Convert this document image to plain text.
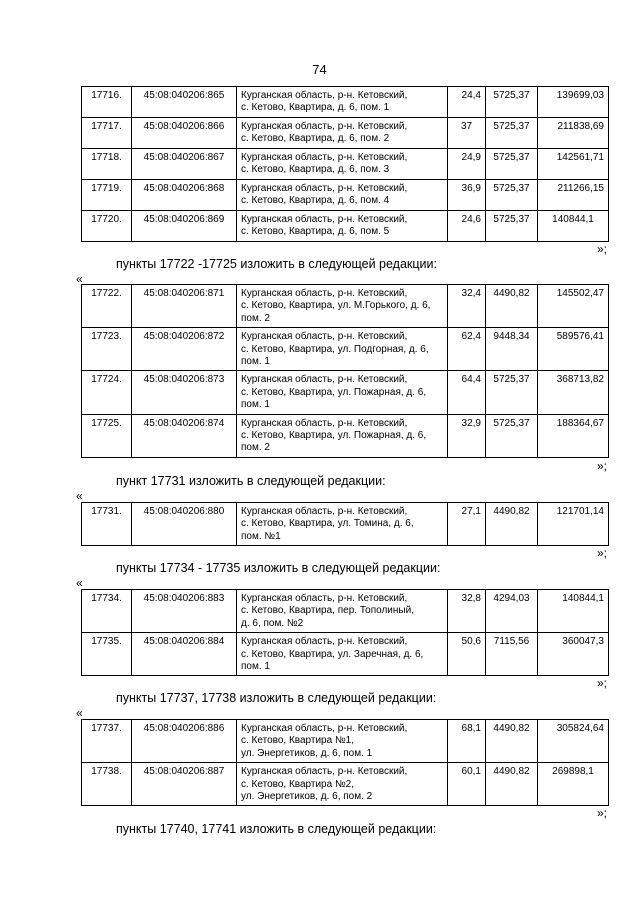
74
17716.	45:08:040206:865	Курганская область, р-н. Кетовский,
с. Кетово, Квартира, д. 6, пом. 1	24,4	5725,37	139699,03
17717.	45:08:040206:866	Курганская область, р-н. Кетовский,
с. Кетово, Квартира, д. 6, пом. 2	37	5725,37	211838,69
17718.	45:08:040206:867	Курганская область, р-н. Кетовский,
с. Кетово, Квартира, д. 6, пом. 3	24,9	5725,37	142561,71
17719.	45:08:040206:868	Курганская область, р-н. Кетовский,
с. Кетово, Квартира, д. 6, пом. 4	36,9	5725,37	211266,15
17720.	45:08:040206:869	Курганская область, р-н. Кетовский,
с. Кетово, Квартира, д. 6, пом. 5	24,6	5725,37	140844,1
»;
пункты 17722 -17725 изложить в следующей редакции:
«
17722.	45:08:040206:871	Курганская область, р-н. Кетовский,
с. Кетово, Квартира, ул. М.Горького, д. 6,
пом. 2	32,4	4490,82	145502,47
17723.	45:08:040206:872	Курганская область, р-н. Кетовский,
с. Кетово, Квартира, ул. Подгорная, д. 6,
пом. 1	62,4	9448,34	589576,41
17724.	45:08:040206:873	Курганская область, р-н. Кетовский,
с. Кетово, Квартира, ул. Пожарная, д. 6,
пом. 1	64,4	5725,37	368713,82
17725.	45:08:040206:874	Курганская область, р-н. Кетовский,
с. Кетово, Квартира, ул. Пожарная, д. 6,
пом. 2	32,9	5725,37	188364,67
»;
пункт 17731 изложить в следующей редакции:
«
17731.	45:08:040206:880	Курганская область, р-н. Кетовский,
с. Кетово, Квартира, ул. Томина, д. 6,
пом. №1	27,1	4490,82	121701,14
»;
пункты 17734 - 17735 изложить в следующей редакции:
«
17734.	45:08:040206:883	Курганская область, р-н. Кетовский,
с. Кетово, Квартира, пер. Тополиный,
д. 6, пом. №2	32,8	4294,03	140844,1
17735.	45:08:040206:884	Курганская область, р-н. Кетовский,
с. Кетово, Квартира, ул. Заречная, д. 6,
пом. 1	50,6	7115,56	360047,3
»;
пункты 17737, 17738 изложить в следующей редакции:
«
17737.	45:08:040206:886	Курганская область, р-н. Кетовский,
с. Кетово, Квартира №1,
ул. Энергетиков, д. 6, пом. 1	68,1	4490,82	305824,64
17738.	45:08:040206:887	Курганская область, р-н. Кетовский,
с. Кетово, Квартира №2,
ул. Энергетиков, д. 6, пом. 2	60,1	4490,82	269898,1
»;
пункты 17740, 17741 изложить в следующей редакции:
